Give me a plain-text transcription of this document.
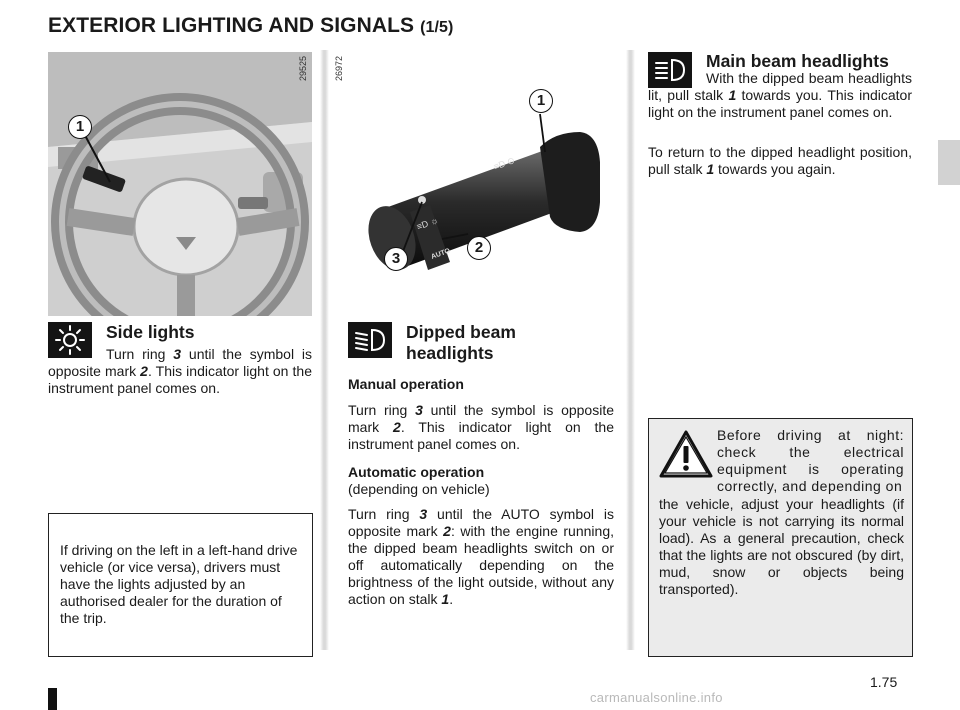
EXTERIOR LIGHTING AND SIGNALS (1/5)
29525
1
≡D ☼
AUTO
≡D ⊙
26972
1
2
3
Side lights
Turn ring 3 until the symbol is opposite mark 2. This indicator light on the instrument panel comes on.
Dipped beam headlights
Manual operation
Turn ring 3 until the symbol is opposite mark 2. This indicator light on the instrument panel comes on.
Automatic operation
(depending on vehicle)
Turn ring 3 until the AUTO symbol is opposite mark 2: with the engine running, the dipped beam headlights switch on or off automatically depending on the brightness of the light outside, without any action on stalk 1.
Main beam headlights
With the dipped beam headlights lit, pull stalk 1 towards you. This indicator light on the instrument panel comes on.
To return to the dipped headlight position, pull stalk 1 towards you again.
If driving on the left in a left-hand drive vehicle (or vice versa), drivers must have the lights adjusted by an authorised dealer for the duration of the trip.
Before driving at night: check the electrical equipment is operating correctly, and depending on
the vehicle, adjust your headlights (if your vehicle is not carrying its normal load). As a general precaution, check that the lights are not obscured (by dirt, mud, snow or objects being transported).
1.75
carmanualsonline.info
